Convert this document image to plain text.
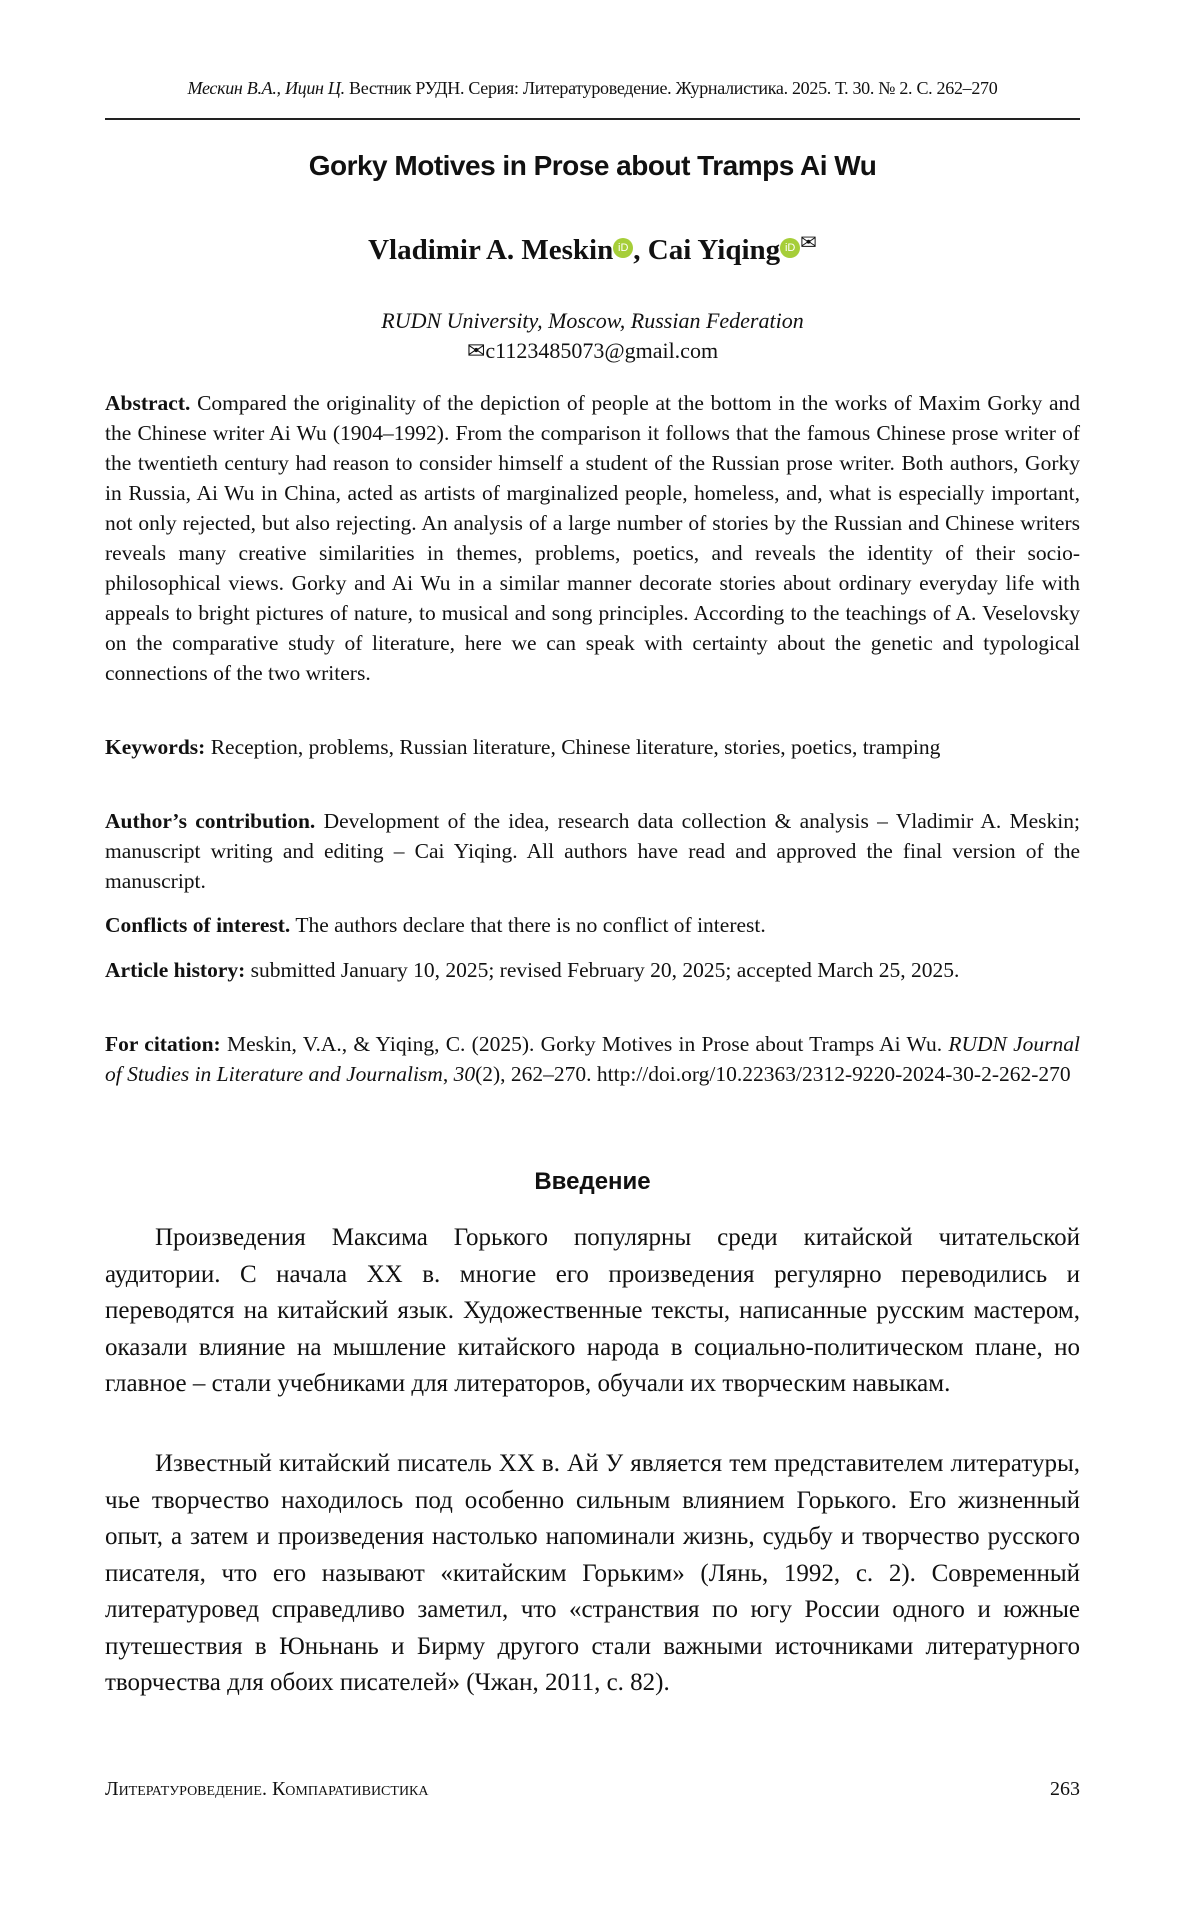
Мескин В.А., Ицин Ц. Вестник РУДН. Серия: Литературоведение. Журналистика. 2025. Т. 30. № 2. С. 262–270
Gorky Motives in Prose about Tramps Ai Wu
Vladimir A. Meskin iD , Cai Yiqing iD ✉
RUDN University, Moscow, Russian Federation
✉c1123485073@gmail.com
Abstract. Compared the originality of the depiction of people at the bottom in the works of Maxim Gorky and the Chinese writer Ai Wu (1904–1992). From the comparison it follows that the famous Chinese prose writer of the twentieth century had reason to consider himself a student of the Russian prose writer. Both authors, Gorky in Russia, Ai Wu in China, acted as artists of marginalized people, homeless, and, what is especially important, not only rejected, but also rejecting. An analysis of a large number of stories by the Russian and Chinese writers reveals many creative similarities in themes, problems, poetics, and reveals the identity of their socio- philosophical views. Gorky and Ai Wu in a similar manner decorate stories about ordinary everyday life with appeals to bright pictures of nature, to musical and song principles. According to the teachings of A. Veselovsky on the comparative study of literature, here we can speak with certainty about the genetic and typological connections of the two writers.
Keywords: Reception, problems, Russian literature, Chinese literature, stories, poetics, tramping
Author’s contribution. Development of the idea, research data collection & analysis – Vladimir A. Meskin; manuscript writing and editing – Cai Yiqing. All authors have read and approved the final version of the manuscript.
Conflicts of interest. The authors declare that there is no conflict of interest.
Article history: submitted January 10, 2025; revised February 20, 2025; accepted March 25, 2025.
For citation: Meskin, V.A., & Yiqing, C. (2025). Gorky Motives in Prose about Tramps Ai Wu. RUDN Journal of Studies in Literature and Journalism, 30(2), 262–270. http://doi.org/10.22363/2312-9220-2024-30-2-262-270
Введение
Произведения Максима Горького популярны среди китайской читательской аудитории. С начала XX в. многие его произведения регулярно переводились и переводятся на китайский язык. Художественные тексты, написанные русским мастером, оказали влияние на мышление китайского народа в социально-политическом плане, но главное – стали учебниками для литераторов, обучали их творческим навыкам.
Известный китайский писатель XX в. Ай У является тем представителем литературы, чье творчество находилось под особенно сильным влиянием Горького. Его жизненный опыт, а затем и произведения настолько напоминали жизнь, судьбу и творчество русского писателя, что его называют «китайским Горьким» (Лянь, 1992, с. 2). Современный литературовед справедливо заметил, что «странствия по югу России одного и южные путешествия в Юньнань и Бирму другого стали важными источниками литературного творчества для обоих писателей» (Чжан, 2011, с. 82).
Литературоведение. Компаративистика	263
